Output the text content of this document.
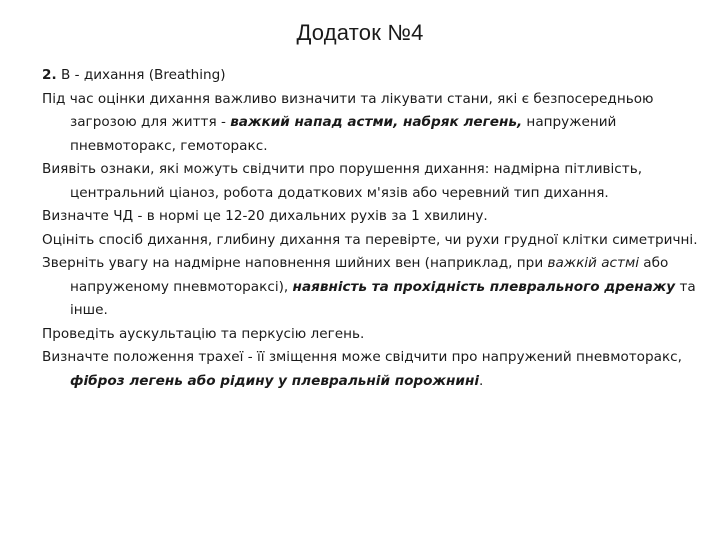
Додаток №4

2. В - дихання (Breathing)

Під час оцінки дихання важливо визначити та лікувати стани, які є безпосередньою загрозою для життя - важкий напад астми, набряк легень, напружений пневмоторакс, гемоторакс.

Виявіть ознаки, які можуть свідчити про порушення дихання: надмірна пітливість, центральний ціаноз, робота додаткових м'язів або черевний тип дихання.

Визначте ЧД - в нормі це 12-20 дихальних рухів за 1 хвилину.

Оцініть спосіб дихання, глибину дихання та перевірте, чи рухи грудної клітки симетричні.

Зверніть увагу на надмірне наповнення шийних вен (наприклад, при важкій астмі або напруженому пневмотораксі), наявність та прохідність плеврального дренажу та інше.

Проведіть аускультацію та перкусію легень.

Визначте положення трахеї - її зміщення може свідчити про напружений пневмоторакс, фіброз легень або рідину у плевральній порожнині.
